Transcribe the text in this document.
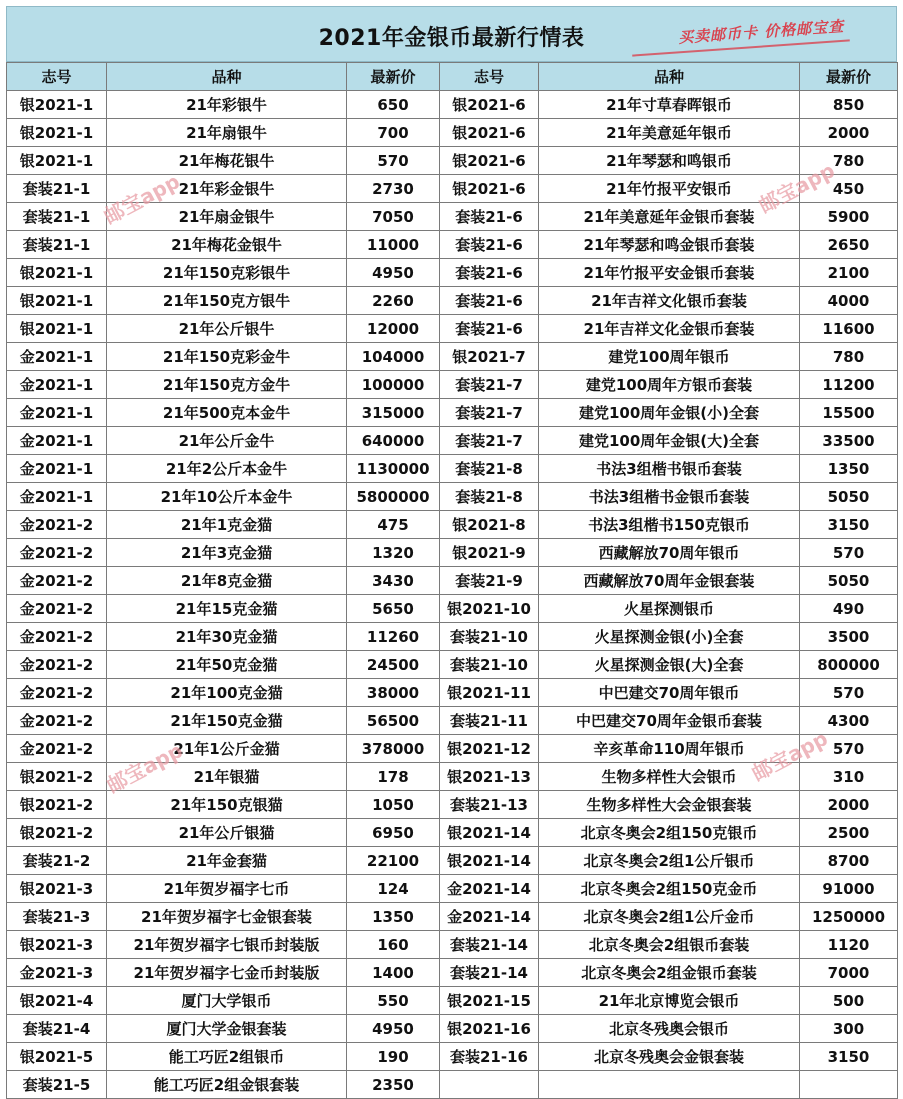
2021年金银币最新行情表	买卖邮币卡 价格邮宝查
志号	品种	最新价	志号	品种	最新价
银2021-1	21年彩银牛	650	银2021-6	21年寸草春晖银币	850
银2021-1	21年扇银牛	700	银2021-6	21年美意延年银币	2000
银2021-1	21年梅花银牛	570	银2021-6	21年琴瑟和鸣银币	780
套装21-1	21年彩金银牛	2730	银2021-6	21年竹报平安银币	450
套装21-1	21年扇金银牛	7050	套装21-6	21年美意延年金银币套装	5900
套装21-1	21年梅花金银牛	11000	套装21-6	21年琴瑟和鸣金银币套装	2650
银2021-1	21年150克彩银牛	4950	套装21-6	21年竹报平安金银币套装	2100
银2021-1	21年150克方银牛	2260	套装21-6	21年吉祥文化银币套装	4000
银2021-1	21年公斤银牛	12000	套装21-6	21年吉祥文化金银币套装	11600
金2021-1	21年150克彩金牛	104000	银2021-7	建党100周年银币	780
金2021-1	21年150克方金牛	100000	套装21-7	建党100周年方银币套装	11200
金2021-1	21年500克本金牛	315000	套装21-7	建党100周年金银(小)全套	15500
金2021-1	21年公斤金牛	640000	套装21-7	建党100周年金银(大)全套	33500
金2021-1	21年2公斤本金牛	1130000	套装21-8	书法3组楷书银币套装	1350
金2021-1	21年10公斤本金牛	5800000	套装21-8	书法3组楷书金银币套装	5050
金2021-2	21年1克金猫	475	银2021-8	书法3组楷书150克银币	3150
金2021-2	21年3克金猫	1320	银2021-9	西藏解放70周年银币	570
金2021-2	21年8克金猫	3430	套装21-9	西藏解放70周年金银套装	5050
金2021-2	21年15克金猫	5650	银2021-10	火星探测银币	490
金2021-2	21年30克金猫	11260	套装21-10	火星探测金银(小)全套	3500
金2021-2	21年50克金猫	24500	套装21-10	火星探测金银(大)全套	800000
金2021-2	21年100克金猫	38000	银2021-11	中巴建交70周年银币	570
金2021-2	21年150克金猫	56500	套装21-11	中巴建交70周年金银币套装	4300
金2021-2	21年1公斤金猫	378000	银2021-12	辛亥革命110周年银币	570
银2021-2	21年银猫	178	银2021-13	生物多样性大会银币	310
银2021-2	21年150克银猫	1050	套装21-13	生物多样性大会金银套装	2000
银2021-2	21年公斤银猫	6950	银2021-14	北京冬奥会2组150克银币	2500
套装21-2	21年金套猫	22100	银2021-14	北京冬奥会2组1公斤银币	8700
银2021-3	21年贺岁福字七币	124	金2021-14	北京冬奥会2组150克金币	91000
套装21-3	21年贺岁福字七金银套装	1350	金2021-14	北京冬奥会2组1公斤金币	1250000
银2021-3	21年贺岁福字七银币封装版	160	套装21-14	北京冬奥会2组银币套装	1120
金2021-3	21年贺岁福字七金币封装版	1400	套装21-14	北京冬奥会2组金银币套装	7000
银2021-4	厦门大学银币	550	银2021-15	21年北京博览会银币	500
套装21-4	厦门大学金银套装	4950	银2021-16	北京冬残奥会银币	300
银2021-5	能工巧匠2组银币	190	套装21-16	北京冬残奥会金银套装	3150
套装21-5	能工巧匠2组金银套装	2350			
邮宝app	邮宝app
邮宝app	邮宝app
